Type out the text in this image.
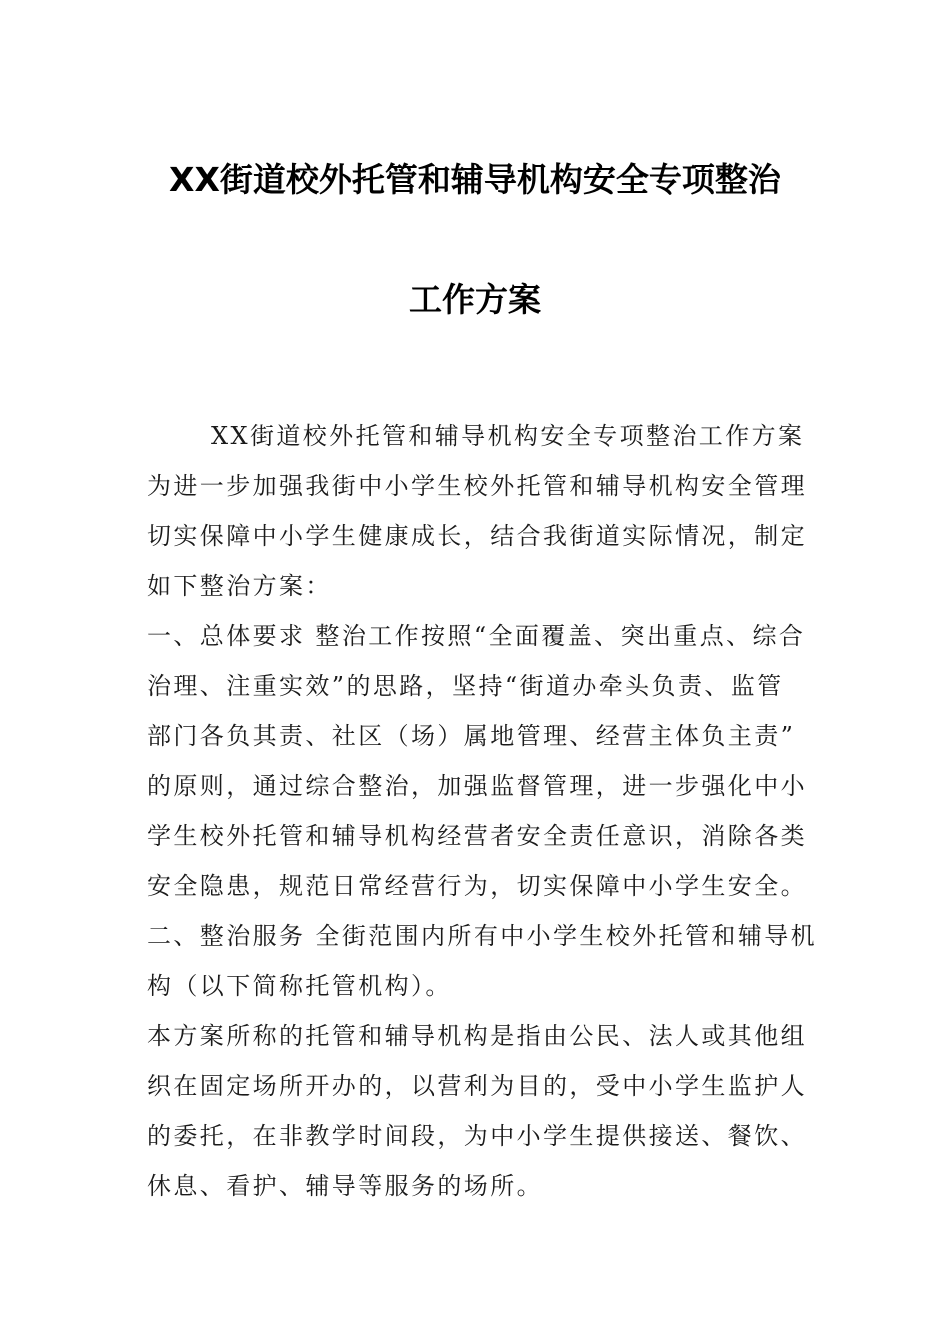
XX街道校外托管和辅导机构安全专项整治
工作方案
XX街道校外托管和辅导机构安全专项整治工作方案
为进一步加强我街中小学生校外托管和辅导机构安全管理
切实保障中小学生健康成长，结合我街道实际情况，制定
如下整治方案：
一、总体要求 整治工作按照“全面覆盖、突出重点、综合
治理、注重实效”的思路，坚持“街道办牵头负责、监管
部门各负其责、社区（场）属地管理、经营主体负主责”
的原则，通过综合整治，加强监督管理，进一步强化中小
学生校外托管和辅导机构经营者安全责任意识，消除各类
安全隐患，规范日常经营行为，切实保障中小学生安全。
二、整治服务 全街范围内所有中小学生校外托管和辅导机
构（以下简称托管机构）。
本方案所称的托管和辅导机构是指由公民、法人或其他组
织在固定场所开办的，以营利为目的，受中小学生监护人
的委托，在非教学时间段，为中小学生提供接送、餐饮、
休息、看护、辅导等服务的场所。
